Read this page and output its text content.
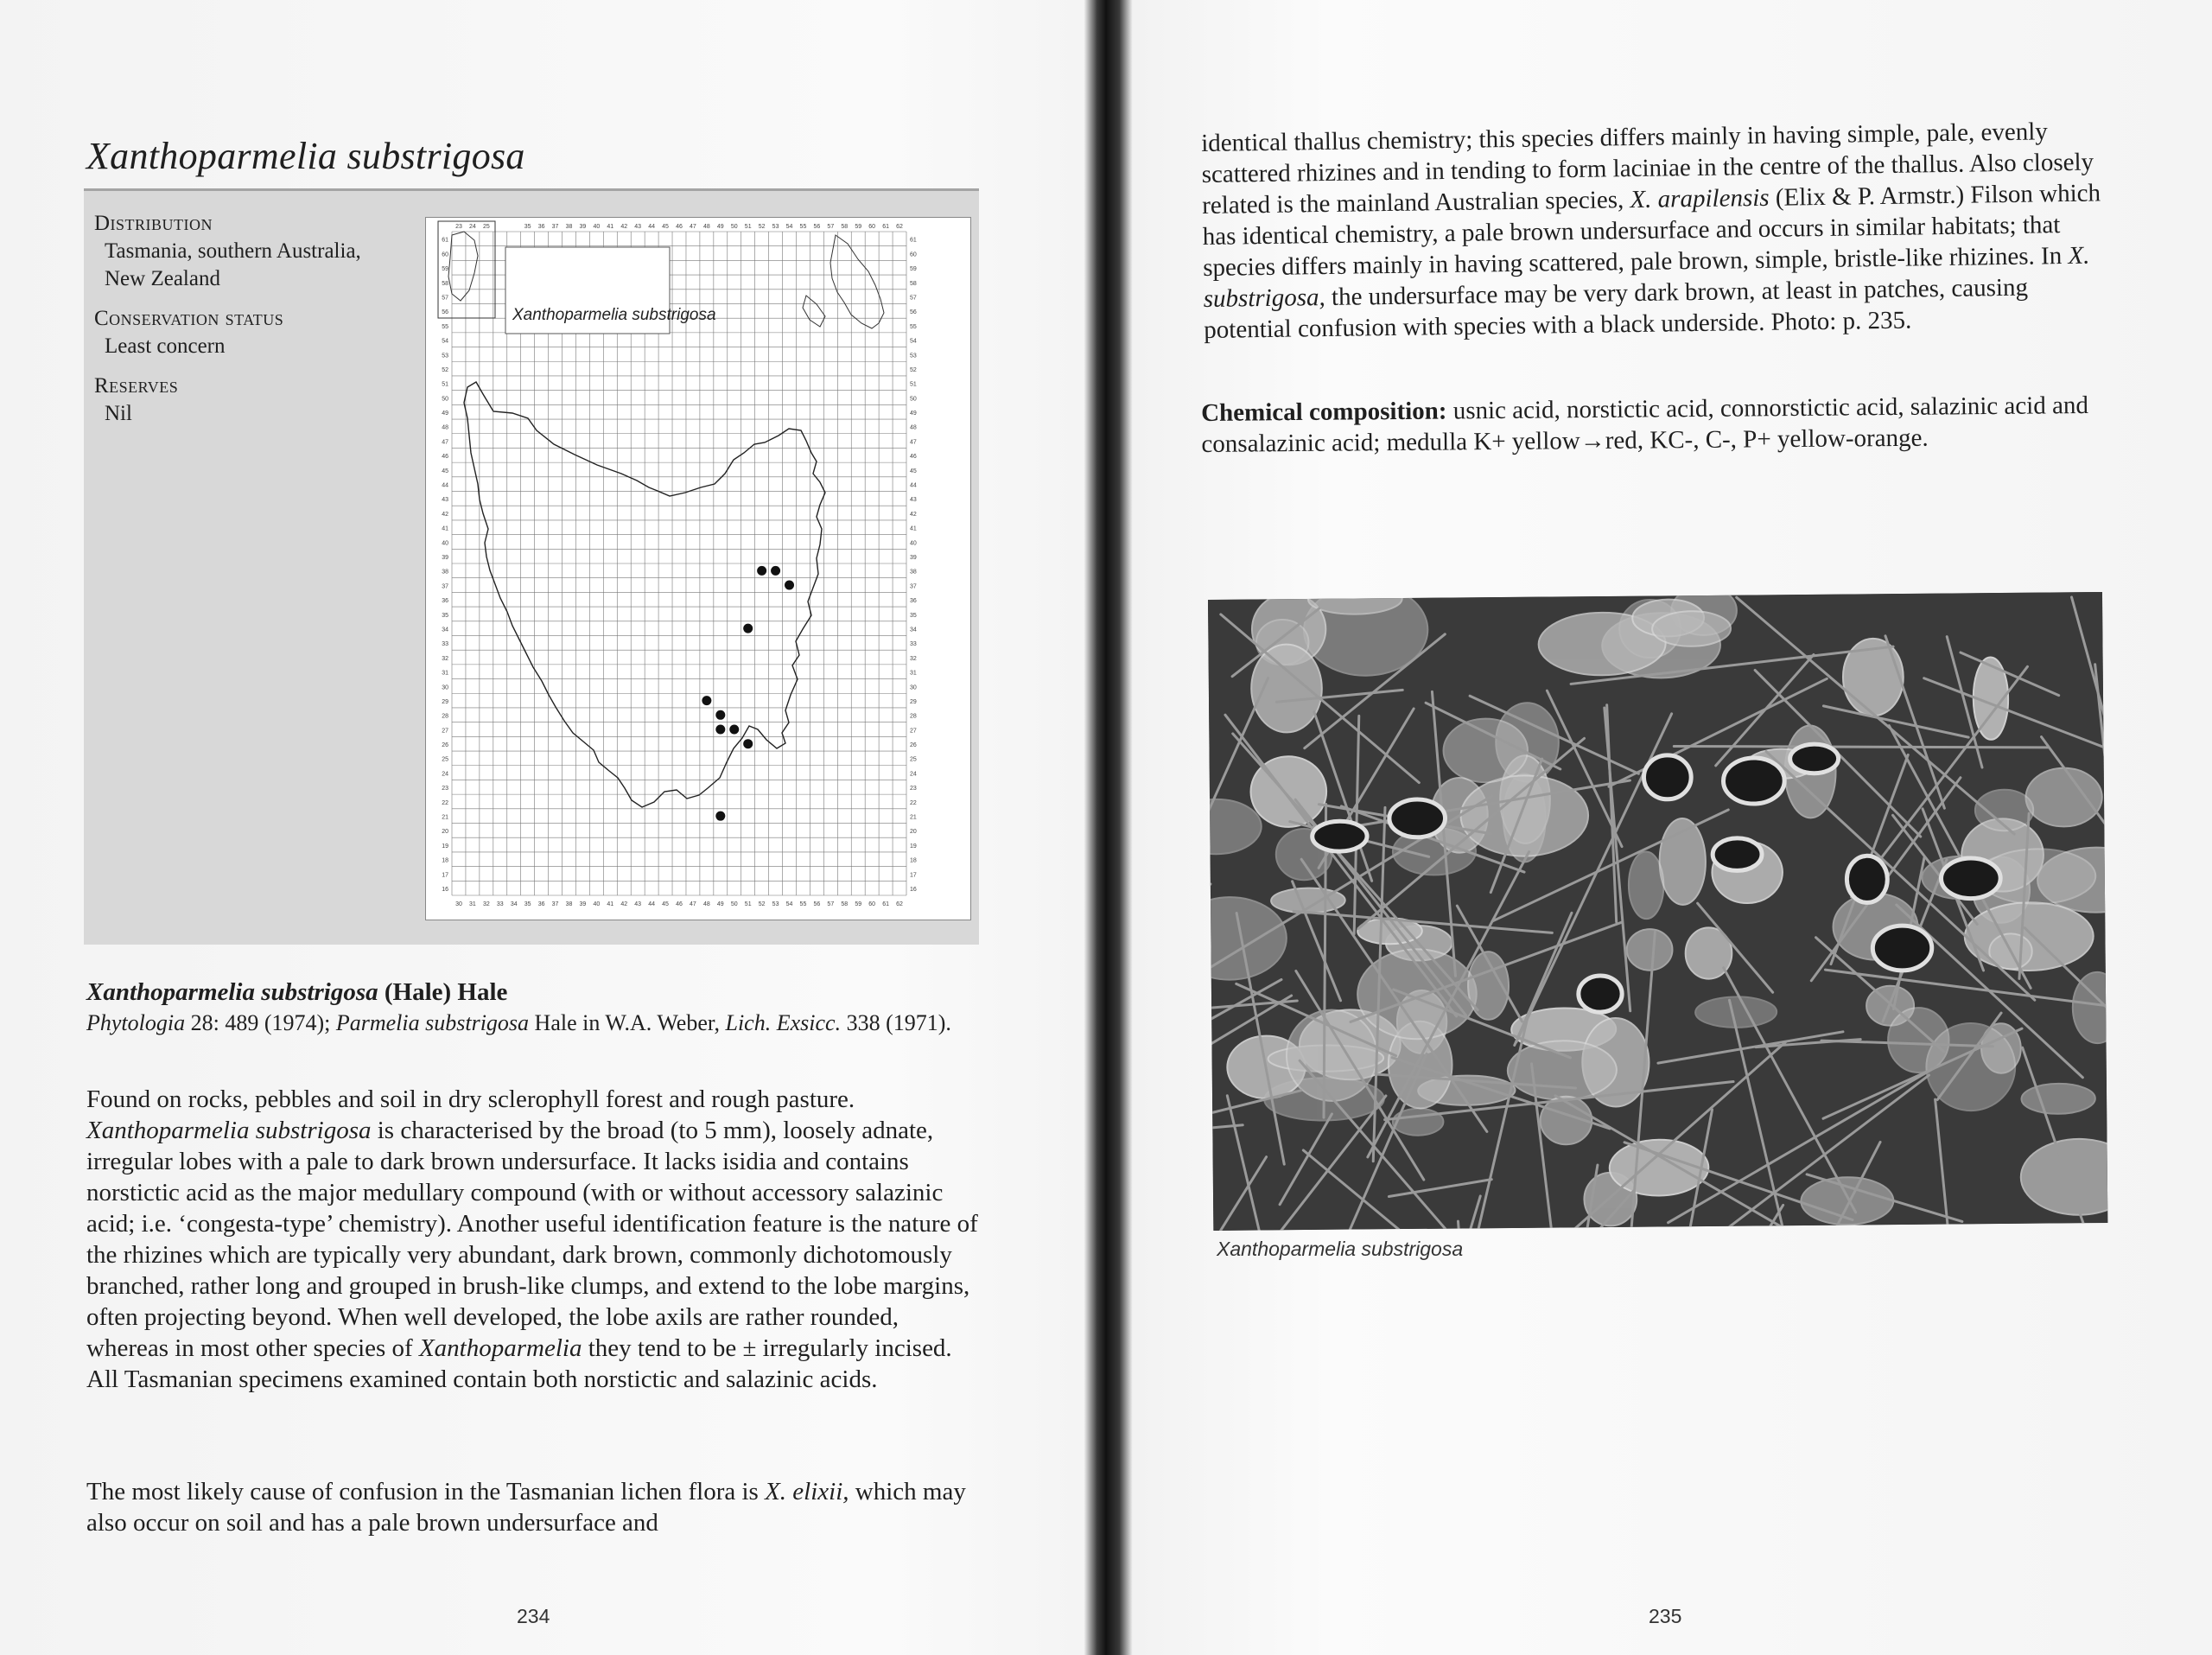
Xanthoparmelia substrigosa
Distribution
Tasmania, southern Australia, New Zealand
Conservation status
Least concern
Reserves
Nil
30 31 32 33 34 35 36 37 38 39 40 41 42 43 44 45 46 47 48 49 50 51 52 53 54 55 56 57 58 59 60 61 62
35 36 37 38 39 40 41 42 43 44 45 46 47 48 49 50 51 52 53 54 55 56 57 58 59 60 61 62
23 24 25
61	61
60	60
59	59
58	58
57	57
56	56
55	55
54	54
53	53
52	52
51	51
50	50
49	49
48	48
47	47
46	46
45	45
44	44
43	43
42	42
41	41
40	40
39	39
38	38
37	37
36	36
35	35
34	34
33	33
32	32
31	31
30	30
29	29
28	28
27	27
26	26
25	25
24	24
23	23
22	22
21	21
20	20
19	19
18	18
17	17
16	16
Xanthoparmelia substrigosa
Xanthoparmelia substrigosa (Hale) Hale
Phytologia 28: 489 (1974); Parmelia substrigosa Hale in W.A. Weber, Lich. Exsicc. 338 (1971).
Found on rocks, pebbles and soil in dry sclerophyll forest and rough pasture. Xanthoparmelia substrigosa is characterised by the broad (to 5 mm), loosely adnate, irregular lobes with a pale to dark brown undersurface. It lacks isidia and contains norstictic acid as the major medullary compound (with or without accessory salazinic acid; i.e. ‘congesta-type’ chemistry). Another useful identification feature is the nature of the rhizines which are typically very abundant, dark brown, commonly dichotomously branched, rather long and grouped in brush-like clumps, and extend to the lobe margins, often projecting beyond. When well developed, the lobe axils are rather rounded, whereas in most other species of Xanthoparmelia they tend to be ± irregularly incised. All Tasmanian specimens examined contain both norstictic and salazinic acids.
The most likely cause of confusion in the Tasmanian lichen flora is X. elixii, which may also occur on soil and has a pale brown undersurface and
234
identical thallus chemistry; this species differs mainly in having simple, pale, evenly scattered rhizines and in tending to form laciniae in the centre of the thallus. Also closely related is the mainland Australian species, X. arapilensis (Elix & P. Armstr.) Filson which has identical chemistry, a pale brown undersurface and occurs in similar habitats; that species differs mainly in having scattered, pale brown, simple, bristle-like rhizines. In X. substrigosa, the undersurface may be very dark brown, at least in patches, causing potential confusion with species with a black underside. Photo: p. 235.
Chemical composition: usnic acid, norstictic acid, connorstictic acid, salazinic acid and consalazinic acid; medulla K+ yellow→red, KC-, C-, P+ yellow-orange.
Xanthoparmelia substrigosa
235
